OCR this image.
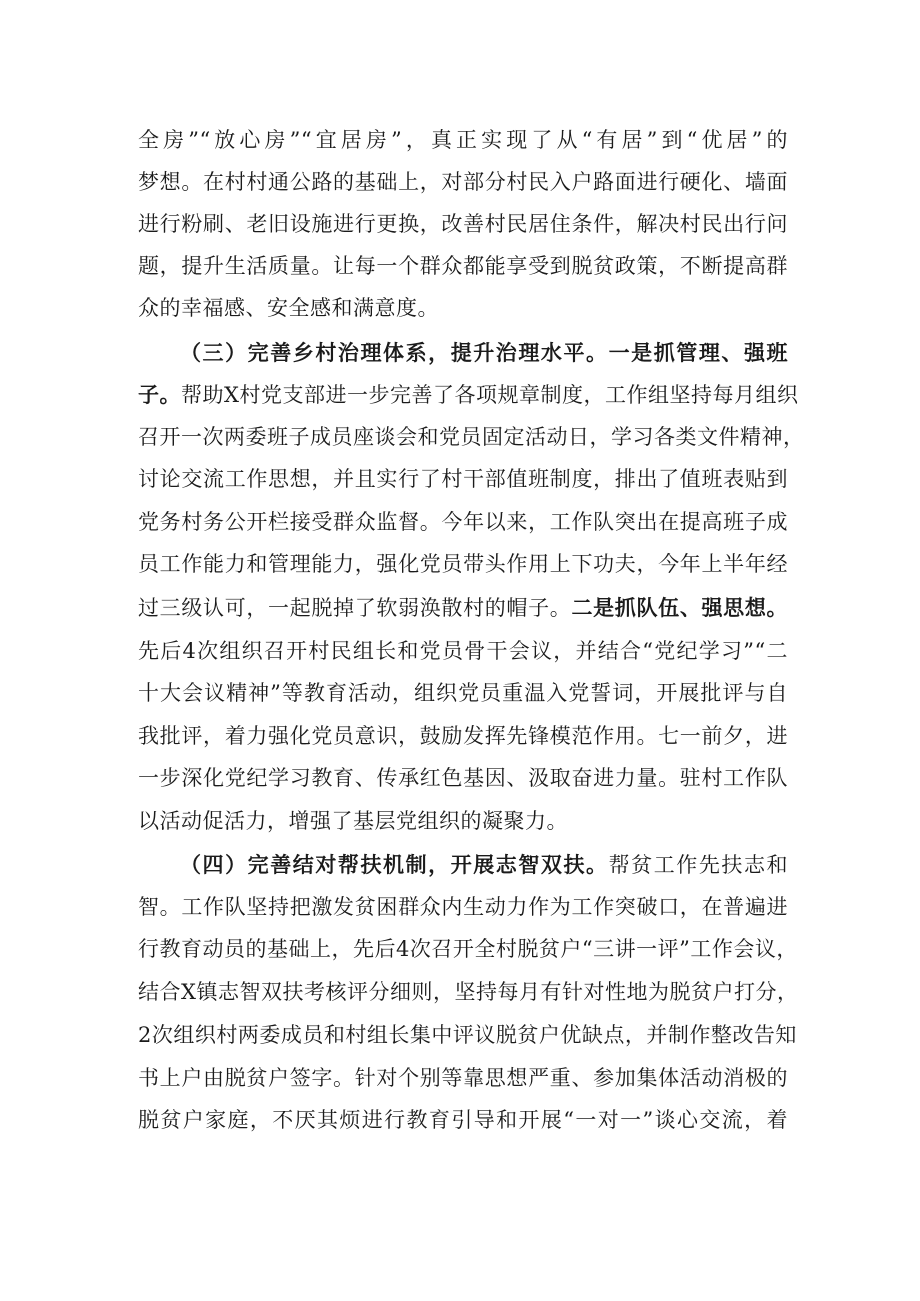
全房”“放心房”“宜居房”，真正实现了从“有居”到“优居”的
梦想。在村村通公路的基础上，对部分村民入户路面进行硬化、墙面
进行粉刷、老旧设施进行更换，改善村民居住条件，解决村民出行问
题，提升生活质量。让每一个群众都能享受到脱贫政策，不断提高群
众的幸福感、安全感和满意度。
（三）完善乡村治理体系，提升治理水平。一是抓管理、强班
子。帮助X村党支部进一步完善了各项规章制度，工作组坚持每月组织
召开一次两委班子成员座谈会和党员固定活动日，学习各类文件精神，
讨论交流工作思想，并且实行了村干部值班制度，排出了值班表贴到
党务村务公开栏接受群众监督。今年以来，工作队突出在提高班子成
员工作能力和管理能力，强化党员带头作用上下功夫，今年上半年经
过三级认可，一起脱掉了软弱涣散村的帽子。二是抓队伍、强思想。
先后4次组织召开村民组长和党员骨干会议，并结合“党纪学习”“二
十大会议精神”等教育活动，组织党员重温入党誓词，开展批评与自
我批评，着力强化党员意识，鼓励发挥先锋模范作用。七一前夕，进
一步深化党纪学习教育、传承红色基因、汲取奋进力量。驻村工作队
以活动促活力，增强了基层党组织的凝聚力。
（四）完善结对帮扶机制，开展志智双扶。帮贫工作先扶志和
智。工作队坚持把激发贫困群众内生动力作为工作突破口，在普遍进
行教育动员的基础上，先后4次召开全村脱贫户“三讲一评”工作会议，
结合X镇志智双扶考核评分细则，坚持每月有针对性地为脱贫户打分，
2次组织村两委成员和村组长集中评议脱贫户优缺点，并制作整改告知
书上户由脱贫户签字。针对个别等靠思想严重、参加集体活动消极的
脱贫户家庭，不厌其烦进行教育引导和开展“一对一”谈心交流，着
